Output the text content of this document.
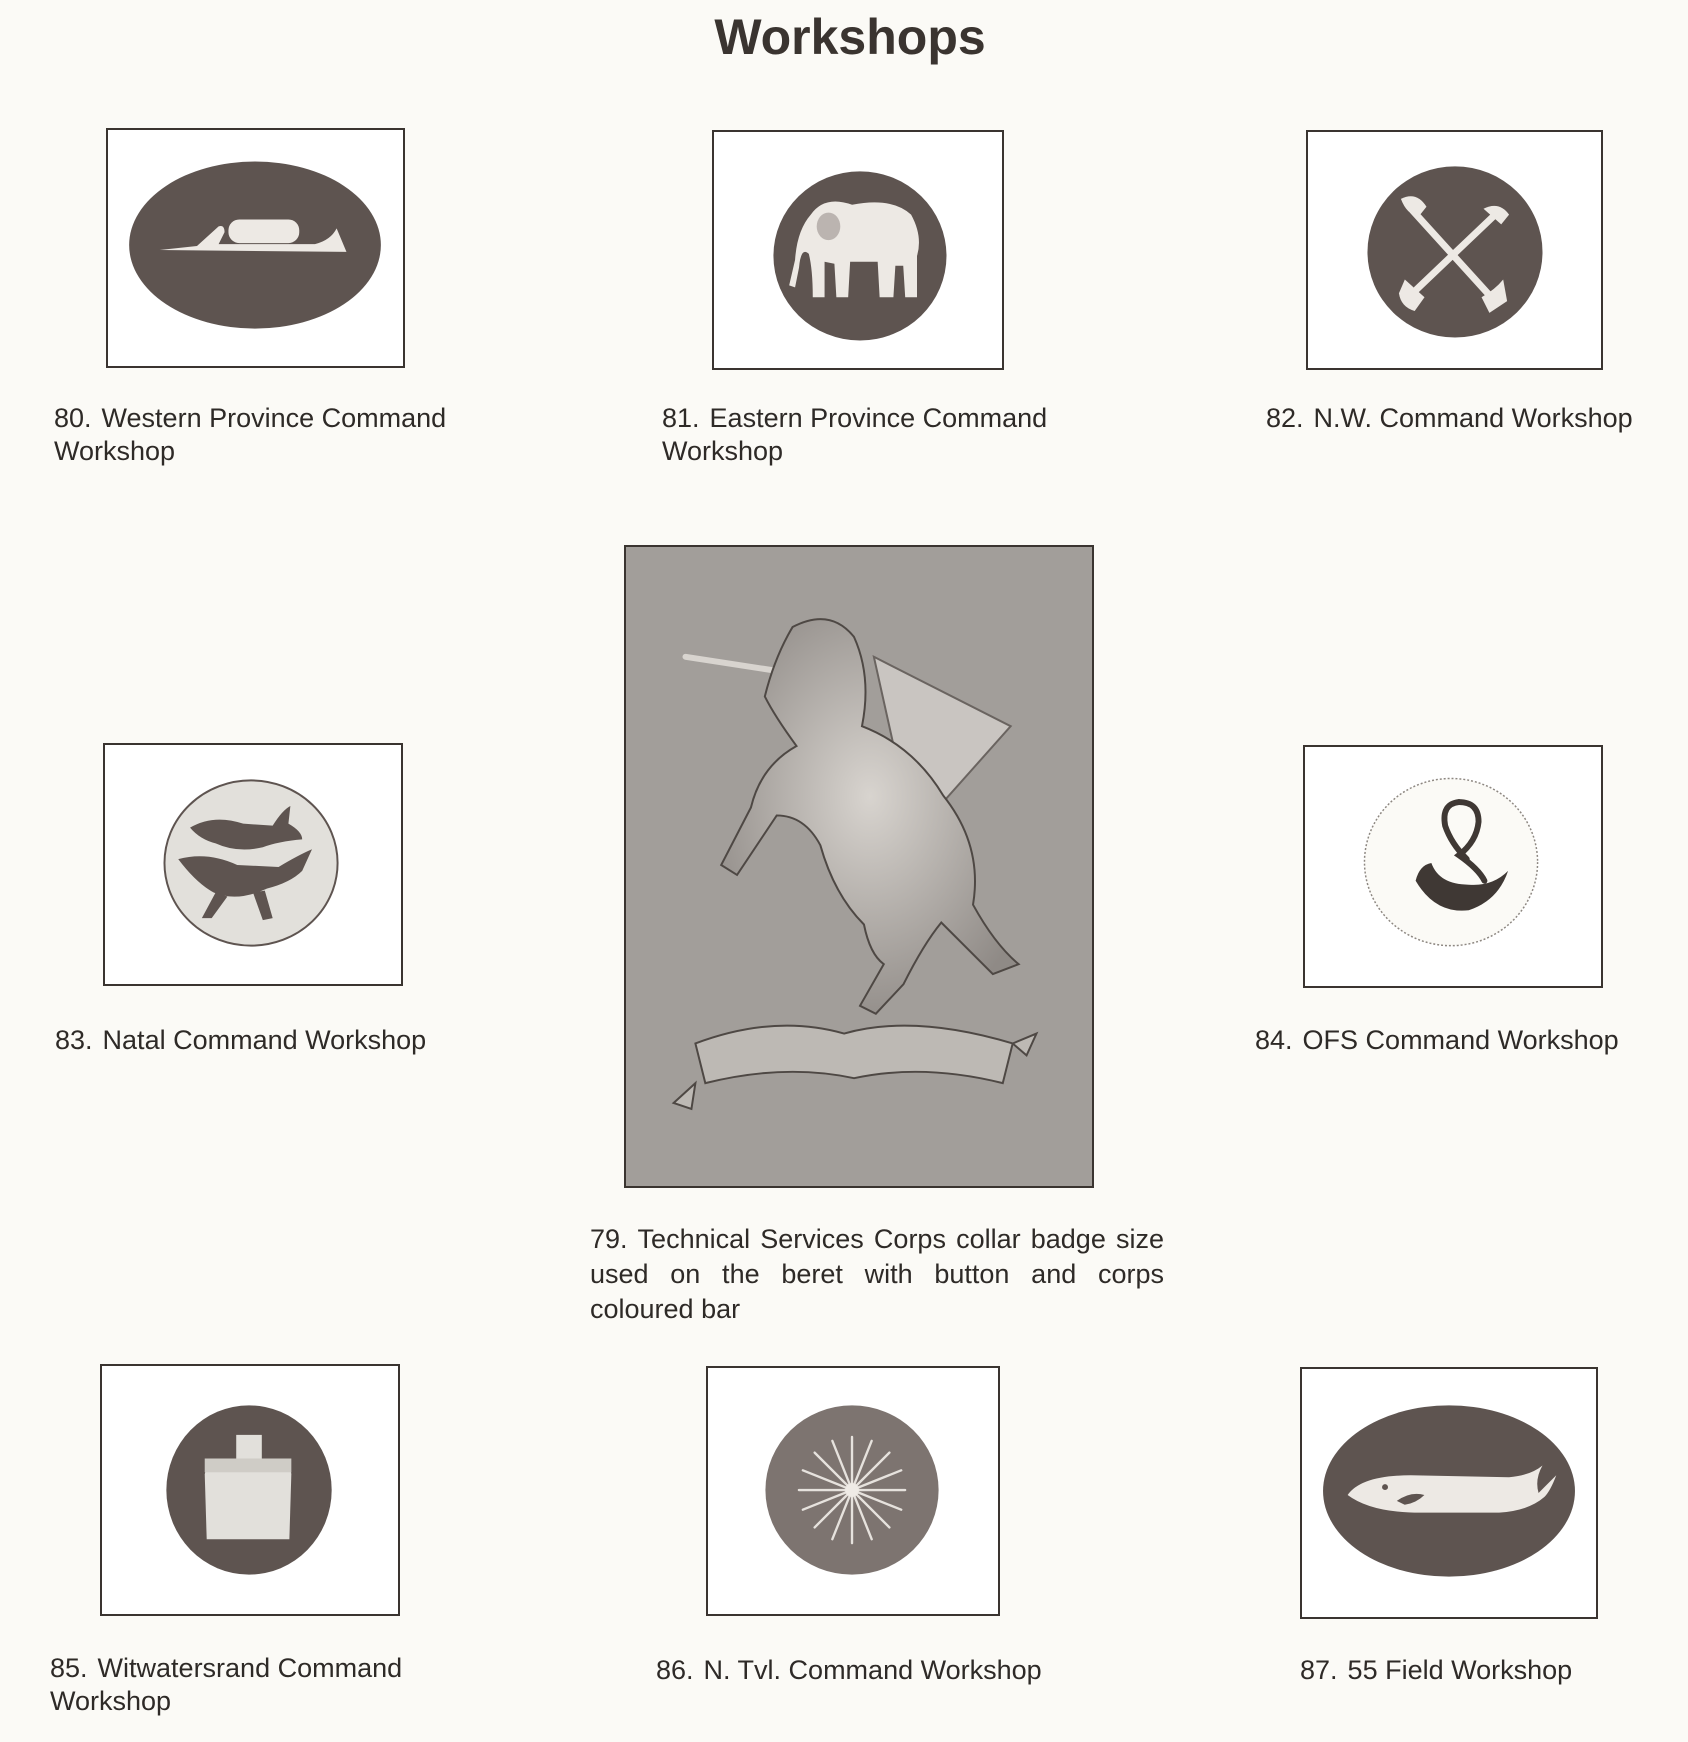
Workshops
80. Western Province Command Workshop
81. Eastern Province Command Workshop
82. N.W. Command Workshop
79. Technical Services Corps collar badge size used on the beret with button and corps coloured bar
83. Natal Command Workshop	84. OFS Command Workshop
85. Witwatersrand Command Workshop
86. N. Tvl. Command Workshop	87. 55 Field Workshop
